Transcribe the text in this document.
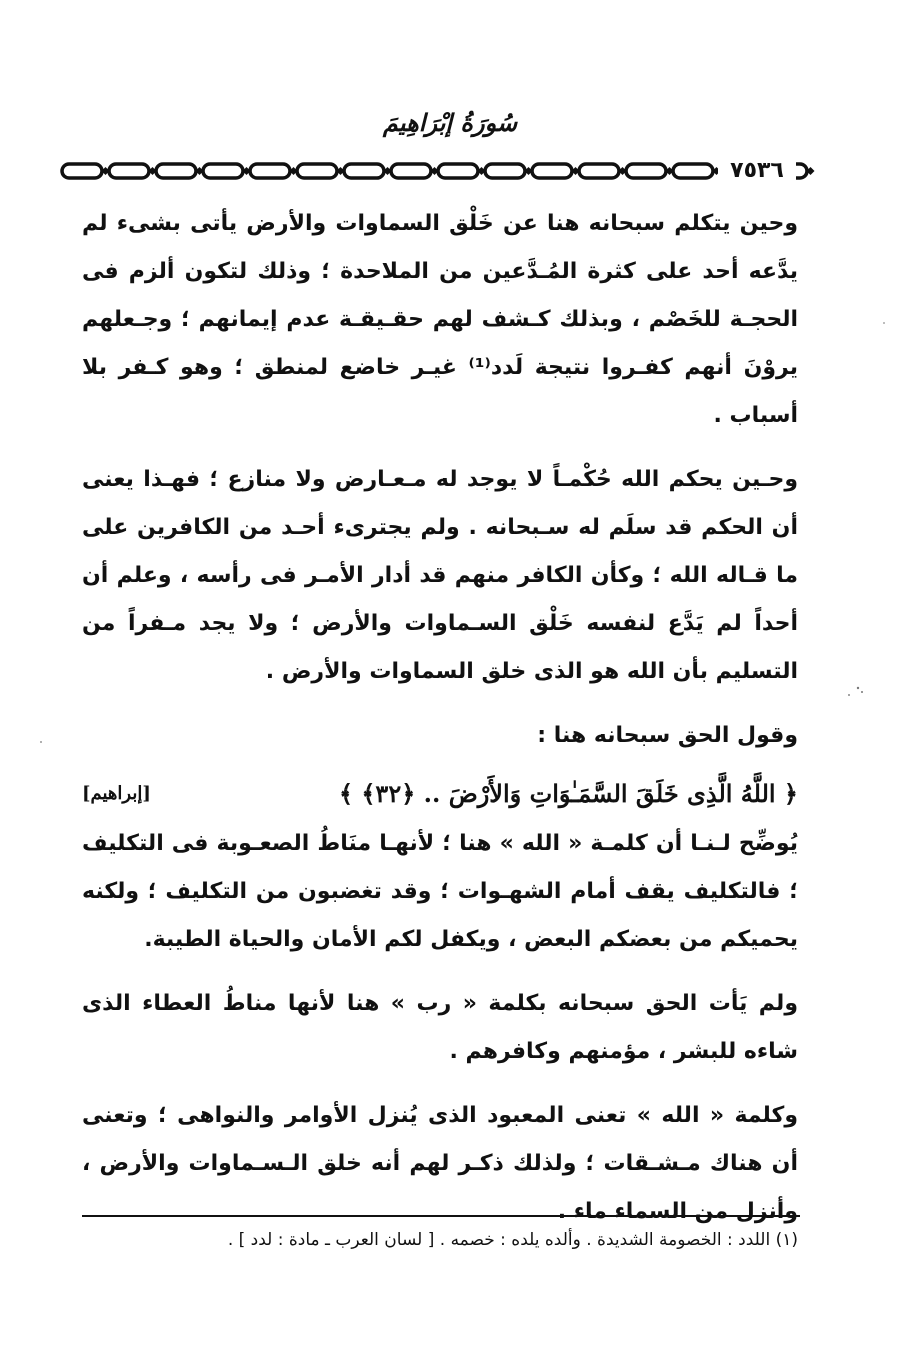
سُورَةُ إبْرَاهِيمَ
٧٥٣٦

وحين يتكلم سبحانه هنا عن خَلْق السماوات والأرض يأتى بشىء لم يدَّعه أحد على كثرة المُـدَّعين من الملاحدة ؛ وذلك لتكون ألزم فى الحجـة للخَصْم ، وبذلك كـشف لهم حقـيقـة عدم إيمانهم ؛ وجـعلهم يروْنَ أنهم كفـروا نتيجة لَدد⁽¹⁾ غيـر خاضع لمنطق ؛ وهو كـفر بلا أسباب .

وحـين يحكم الله حُكْمـاً لا يوجد له مـعـارض ولا منازع ؛ فهـذا يعنى أن الحكم قد سلَم له سـبحانه . ولم يجترىء أحـد من الكافرين على ما قـاله الله ؛ وكأن الكافر منهم قد أدار الأمـر فى رأسه ، وعلم أن أحداً لم يَدَّع لنفسه خَلْق السـماوات والأرض ؛ ولا يجد مـفراً من التسليم بأن الله هو الذى خلق السماوات والأرض .

وقول الحق سبحانه هنا :

﴿ اللَّهُ الَّذِى خَلَقَ السَّمَـٰوَاتِ وَالأَرْضَ .. ﴿٣٢﴾ ﴾
[إبراهيم]

يُوضِّح لـنـا أن كلمـة « الله » هنا ؛ لأنهـا منَاطُ الصعـوبة فى التكليف ؛ فالتكليف يقف أمام الشهـوات ؛ وقد تغضبون من التكليف ؛ ولكنه يحميكم من بعضكم البعض ، ويكفل لكم الأمان والحياة الطيبة.

ولم يَأت الحق سبحانه بكلمة « رب » هنا لأنها مناطُ العطاء الذى شاءه للبشر ، مؤمنهم وكافرهم .

وكلمة « الله » تعنى المعبود الذى يُنزل الأوامر والنواهى ؛ وتعنى أن هناك مـشـقات ؛ ولذلك ذكـر لهم أنه خلق الـسـماوات والأرض ، وأنزل من السماء ماء .

(١) اللدد : الخصومة الشديدة . وألده يلده : خصمه . [ لسان العرب ـ مادة : لدد ] .
